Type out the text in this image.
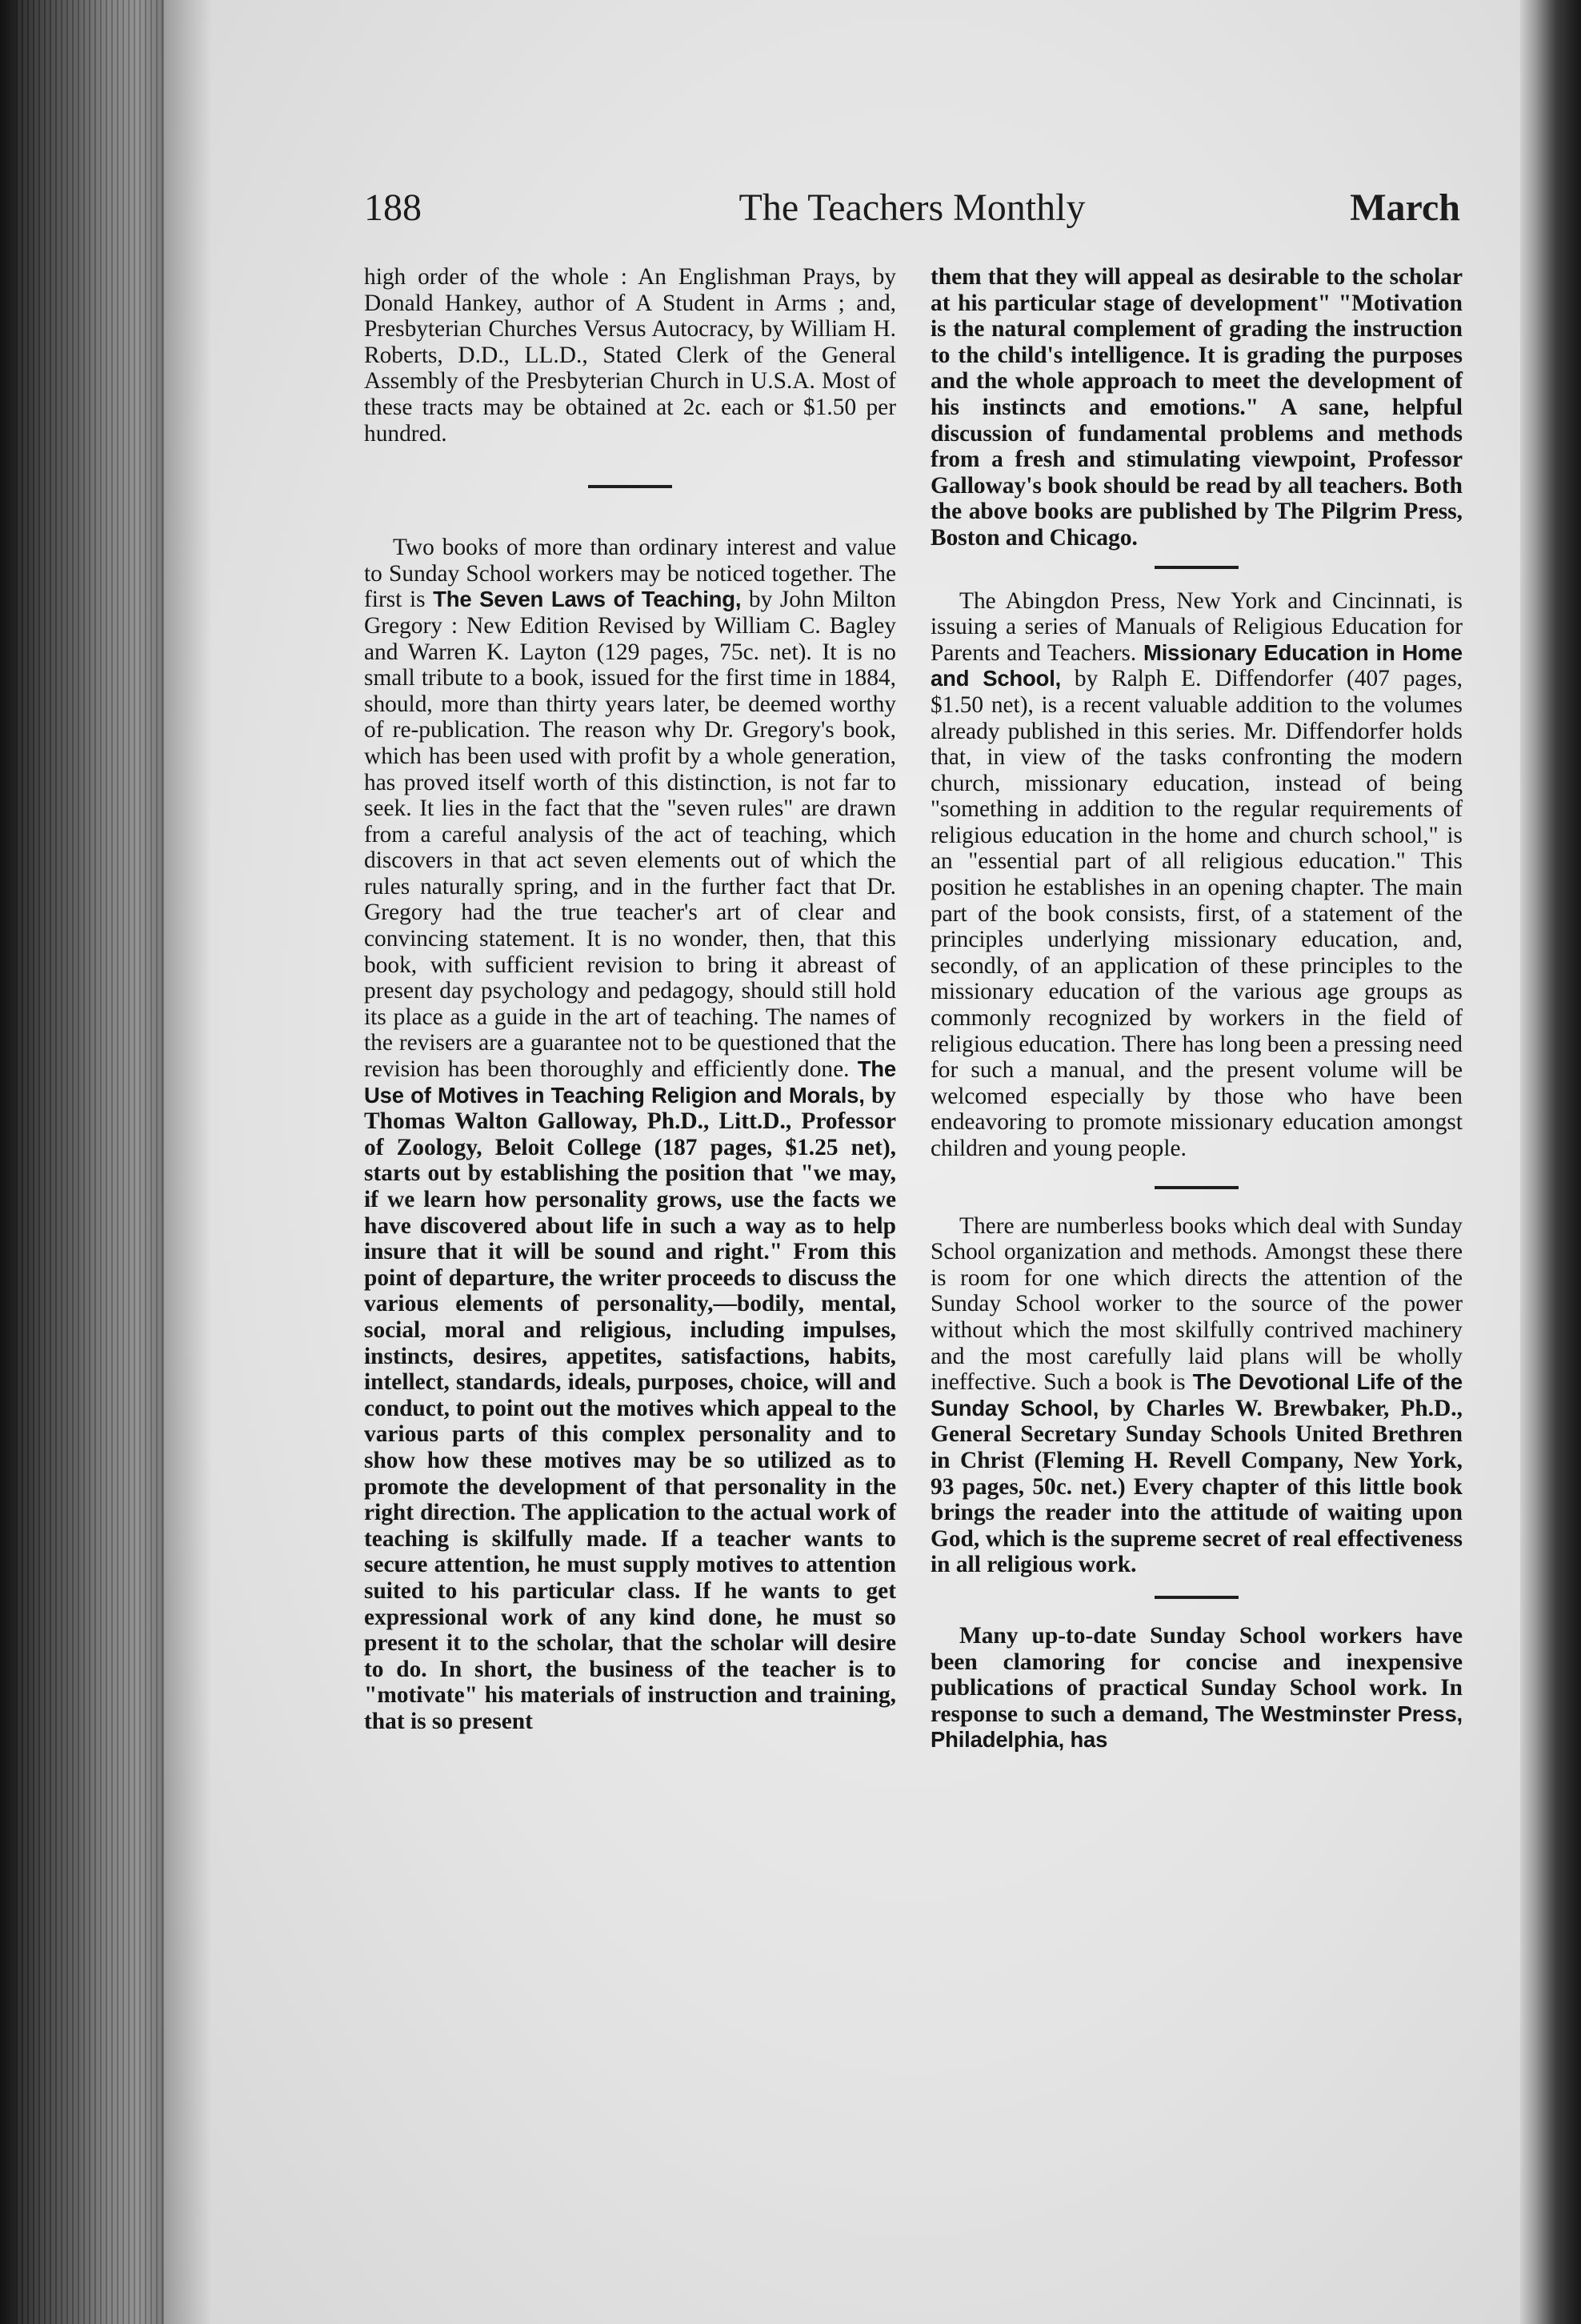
188	The Teachers Monthly	March

high order of the whole : An Englishman Prays, by Donald Hankey, author of A Student in Arms ; and, Presbyterian Churches Versus Autocracy, by William H. Roberts, D.D., LL.D., Stated Clerk of the General Assembly of the Presbyterian Church in U.S.A. Most of these tracts may be obtained at 2c. each or $1.50 per hundred.

Two books of more than ordinary interest and value to Sunday School workers may be noticed together. The first is The Seven Laws of Teaching, by John Milton Gregory : New Edition Revised by William C. Bagley and Warren K. Layton (129 pages, 75c. net). It is no small tribute to a book, issued for the first time in 1884, should, more than thirty years later, be deemed worthy of re-publication. The reason why Dr. Gregory's book, which has been used with profit by a whole generation, has proved itself worth of this distinction, is not far to seek. It lies in the fact that the "seven rules" are drawn from a careful analysis of the act of teaching, which discovers in that act seven elements out of which the rules naturally spring, and in the further fact that Dr. Gregory had the true teacher's art of clear and convincing statement. It is no wonder, then, that this book, with sufficient revision to bring it abreast of present day psychology and pedagogy, should still hold its place as a guide in the art of teaching. The names of the revisers are a guarantee not to be questioned that the revision has been thoroughly and efficiently done. The Use of Motives in Teaching Religion and Morals, by Thomas Walton Galloway, Ph.D., Litt.D., Professor of Zoology, Beloit College (187 pages, $1.25 net), starts out by establishing the position that "we may, if we learn how personality grows, use the facts we have discovered about life in such a way as to help insure that it will be sound and right." From this point of departure, the writer proceeds to discuss the various elements of personality,—bodily, mental, social, moral and religious, including impulses, instincts, desires, appetites, satisfactions, habits, intellect, standards, ideals, purposes, choice, will and conduct, to point out the motives which appeal to the various parts of this complex personality and to show how these motives may be so utilized as to promote the development of that personality in the right direction. The application to the actual work of teaching is skilfully made. If a teacher wants to secure attention, he must supply motives to attention suited to his particular class. If he wants to get expressional work of any kind done, he must so present it to the scholar, that the scholar will desire to do. In short, the business of the teacher is to "motivate" his materials of instruction and training, that is so present

them that they will appeal as desirable to the scholar at his particular stage of development" "Motivation is the natural complement of grading the instruction to the child's intelligence. It is grading the purposes and the whole approach to meet the development of his instincts and emotions." A sane, helpful discussion of fundamental problems and methods from a fresh and stimulating viewpoint, Professor Galloway's book should be read by all teachers. Both the above books are published by The Pilgrim Press, Boston and Chicago.

The Abingdon Press, New York and Cincinnati, is issuing a series of Manuals of Religious Education for Parents and Teachers. Missionary Education in Home and School, by Ralph E. Diffendorfer (407 pages, $1.50 net), is a recent valuable addition to the volumes already published in this series. Mr. Diffendorfer holds that, in view of the tasks confronting the modern church, missionary education, instead of being "something in addition to the regular requirements of religious education in the home and church school," is an "essential part of all religious education." This position he establishes in an opening chapter. The main part of the book consists, first, of a statement of the principles underlying missionary education, and, secondly, of an application of these principles to the missionary education of the various age groups as commonly recognized by workers in the field of religious education. There has long been a pressing need for such a manual, and the present volume will be welcomed especially by those who have been endeavoring to promote missionary education amongst children and young people.

There are numberless books which deal with Sunday School organization and methods. Amongst these there is room for one which directs the attention of the Sunday School worker to the source of the power without which the most skilfully contrived machinery and the most carefully laid plans will be wholly ineffective. Such a book is The Devotional Life of the Sunday School, by Charles W. Brewbaker, Ph.D., General Secretary Sunday Schools United Brethren in Christ (Fleming H. Revell Company, New York, 93 pages, 50c. net.) Every chapter of this little book brings the reader into the attitude of waiting upon God, which is the supreme secret of real effectiveness in all religious work.

Many up-to-date Sunday School workers have been clamoring for concise and inexpensive publications of practical Sunday School work. In response to such a demand, The Westminster Press, Philadelphia, has
